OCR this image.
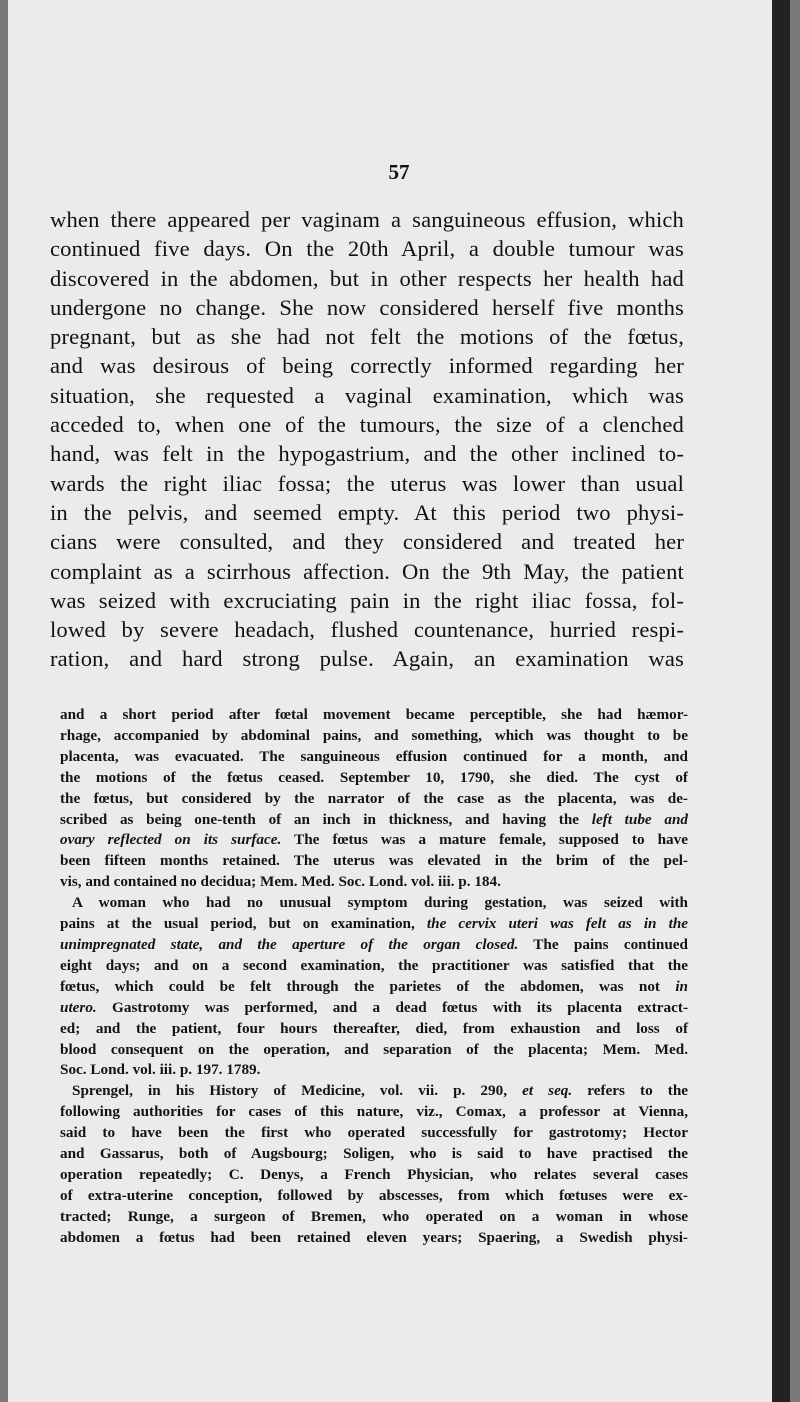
57
when there appeared per vaginam a sanguineous effusion, which
continued five days. On the 20th April, a double tumour was
discovered in the abdomen, but in other respects her health had
undergone no change. She now considered herself five months
pregnant, but as she had not felt the motions of the fœtus,
and was desirous of being correctly informed regarding her
situation, she requested a vaginal examination, which was
acceded to, when one of the tumours, the size of a clenched
hand, was felt in the hypogastrium, and the other inclined to-
wards the right iliac fossa; the uterus was lower than usual
in the pelvis, and seemed empty. At this period two physi-
cians were consulted, and they considered and treated her
complaint as a scirrhous affection. On the 9th May, the patient
was seized with excruciating pain in the right iliac fossa, fol-
lowed by severe headach, flushed countenance, hurried respi-
ration, and hard strong pulse. Again, an examination was
and a short period after fœtal movement became perceptible, she had hæmor-
rhage, accompanied by abdominal pains, and something, which was thought to be
placenta, was evacuated. The sanguineous effusion continued for a month, and
the motions of the fœtus ceased. September 10, 1790, she died. The cyst of
the fœtus, but considered by the narrator of the case as the placenta, was de-
scribed as being one-tenth of an inch in thickness, and having the left tube and
ovary reflected on its surface. The fœtus was a mature female, supposed to have
been fifteen months retained. The uterus was elevated in the brim of the pel-
vis, and contained no decidua; Mem. Med. Soc. Lond. vol. iii. p. 184.
A woman who had no unusual symptom during gestation, was seized with
pains at the usual period, but on examination, the cervix uteri was felt as in the
unimpregnated state, and the aperture of the organ closed. The pains continued
eight days; and on a second examination, the practitioner was satisfied that the
fœtus, which could be felt through the parietes of the abdomen, was not in
utero. Gastrotomy was performed, and a dead fœtus with its placenta extract-
ed; and the patient, four hours thereafter, died, from exhaustion and loss of
blood consequent on the operation, and separation of the placenta; Mem. Med.
Soc. Lond. vol. iii. p. 197. 1789.
Sprengel, in his History of Medicine, vol. vii. p. 290, et seq. refers to the
following authorities for cases of this nature, viz., Comax, a professor at Vienna,
said to have been the first who operated successfully for gastrotomy; Hector
and Gassarus, both of Augsbourg; Soligen, who is said to have practised the
operation repeatedly; C. Denys, a French Physician, who relates several cases
of extra-uterine conception, followed by abscesses, from which fœtuses were ex-
tracted; Runge, a surgeon of Bremen, who operated on a woman in whose
abdomen a fœtus had been retained eleven years; Spaering, a Swedish physi-
